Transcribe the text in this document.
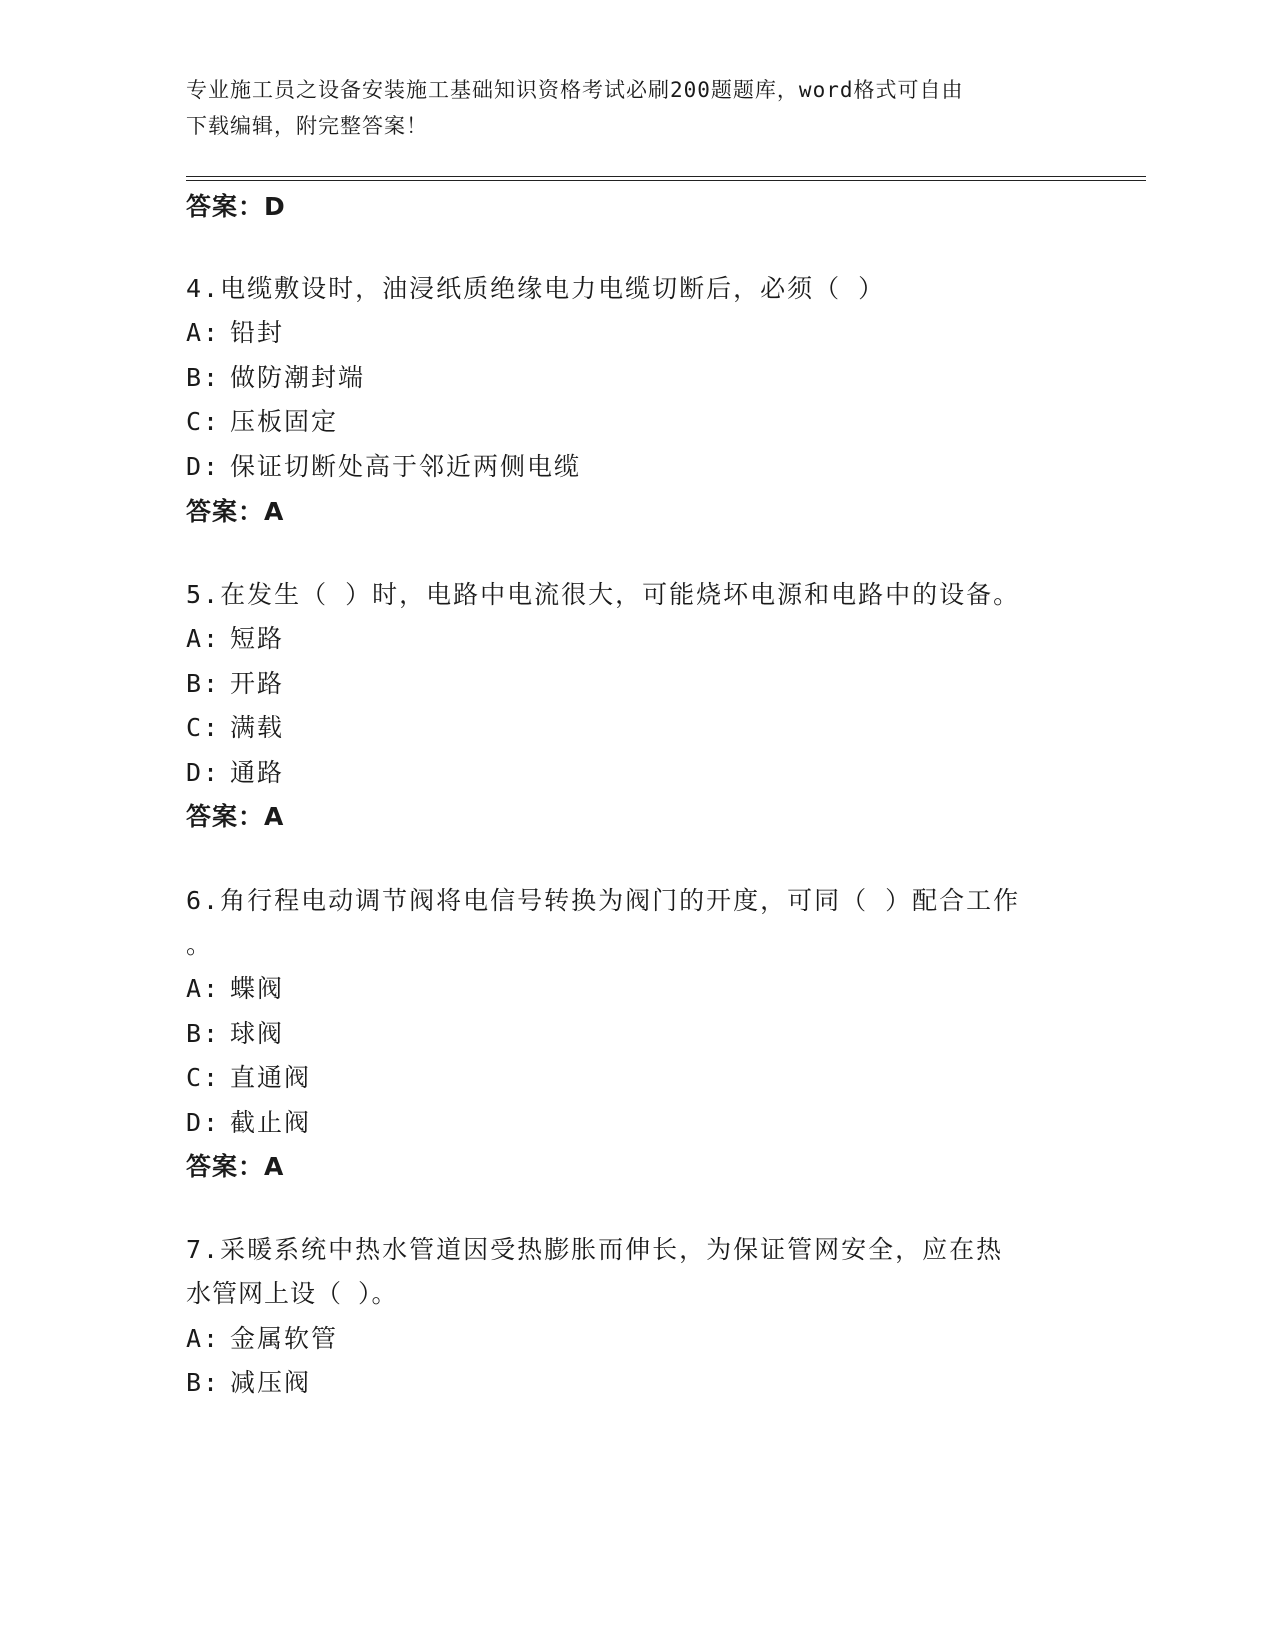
专业施工员之设备安装施工基础知识资格考试必刷200题题库，word格式可自由
下载编辑，附完整答案！
答案：D
4.电缆敷设时，油浸纸质绝缘电力电缆切断后，必须（ ）
A: 铅封
B: 做防潮封端
C: 压板固定
D: 保证切断处高于邻近两侧电缆
答案：A
5.在发生（ ）时，电路中电流很大，可能烧坏电源和电路中的设备。
A: 短路
B: 开路
C: 满载
D: 通路
答案：A
6.角行程电动调节阀将电信号转换为阀门的开度，可同（ ）配合工作
。
A: 蝶阀
B: 球阀
C: 直通阀
D: 截止阀
答案：A
7.采暖系统中热水管道因受热膨胀而伸长，为保证管网安全，应在热
水管网上设（ ）。
A: 金属软管
B: 减压阀
